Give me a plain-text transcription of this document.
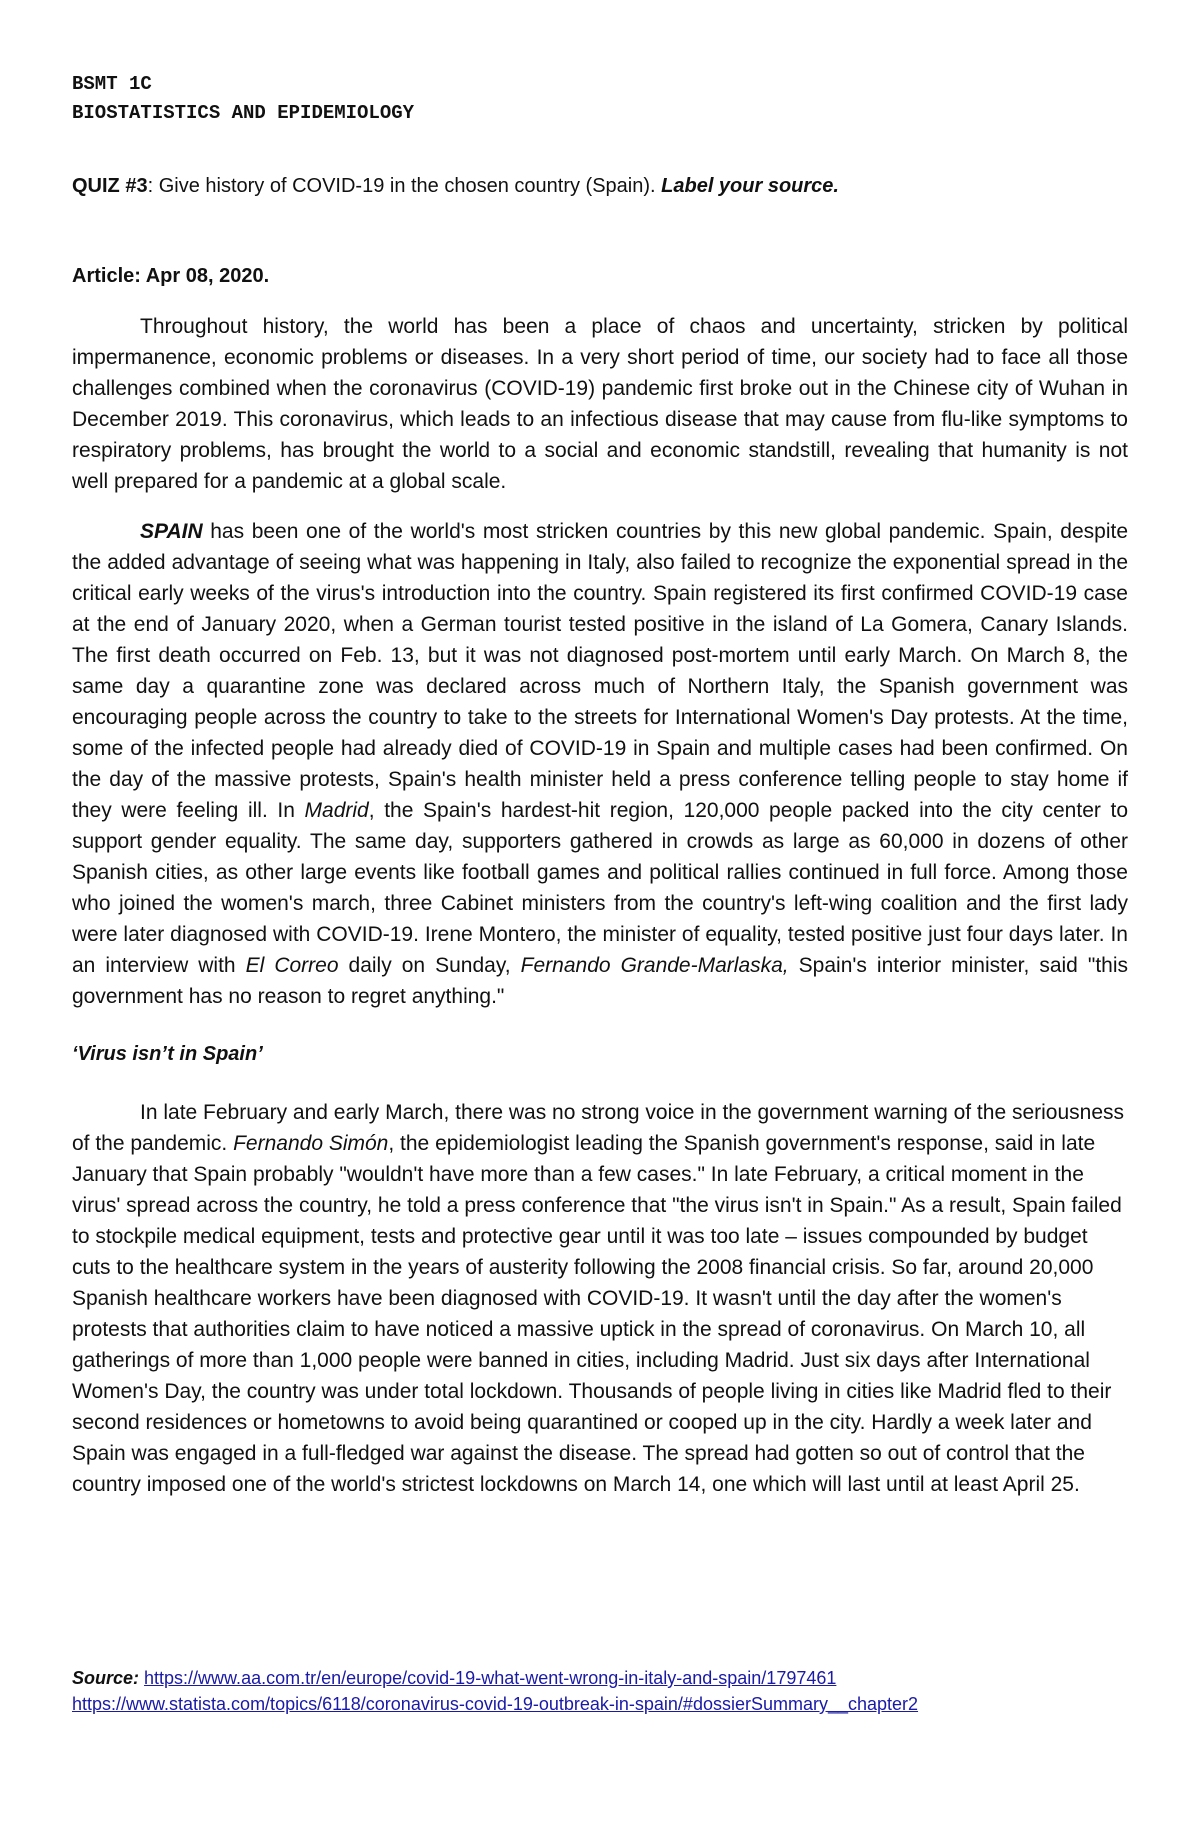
BSMT 1C
BIOSTATISTICS AND EPIDEMIOLOGY
QUIZ #3: Give history of COVID-19 in the chosen country (Spain). Label your source.
Article: Apr 08, 2020.

Throughout history, the world has been a place of chaos and uncertainty, stricken by political impermanence, economic problems or diseases. In a very short period of time, our society had to face all those challenges combined when the coronavirus (COVID-19) pandemic first broke out in the Chinese city of Wuhan in December 2019. This coronavirus, which leads to an infectious disease that may cause from flu-like symptoms to respiratory problems, has brought the world to a social and economic standstill, revealing that humanity is not well prepared for a pandemic at a global scale.

SPAIN has been one of the world's most stricken countries by this new global pandemic. Spain, despite the added advantage of seeing what was happening in Italy, also failed to recognize the exponential spread in the critical early weeks of the virus's introduction into the country. Spain registered its first confirmed COVID-19 case at the end of January 2020, when a German tourist tested positive in the island of La Gomera, Canary Islands. The first death occurred on Feb. 13, but it was not diagnosed post-mortem until early March. On March 8, the same day a quarantine zone was declared across much of Northern Italy, the Spanish government was encouraging people across the country to take to the streets for International Women's Day protests. At the time, some of the infected people had already died of COVID-19 in Spain and multiple cases had been confirmed. On the day of the massive protests, Spain's health minister held a press conference telling people to stay home if they were feeling ill. In Madrid, the Spain's hardest-hit region, 120,000 people packed into the city center to support gender equality. The same day, supporters gathered in crowds as large as 60,000 in dozens of other Spanish cities, as other large events like football games and political rallies continued in full force. Among those who joined the women's march, three Cabinet ministers from the country's left-wing coalition and the first lady were later diagnosed with COVID-19. Irene Montero, the minister of equality, tested positive just four days later. In an interview with El Correo daily on Sunday, Fernando Grande-Marlaska, Spain's interior minister, said "this government has no reason to regret anything."

‘Virus isn’t in Spain’

In late February and early March, there was no strong voice in the government warning of the seriousness of the pandemic. Fernando Simón, the epidemiologist leading the Spanish government's response, said in late January that Spain probably "wouldn't have more than a few cases." In late February, a critical moment in the virus' spread across the country, he told a press conference that "the virus isn't in Spain." As a result, Spain failed to stockpile medical equipment, tests and protective gear until it was too late – issues compounded by budget cuts to the healthcare system in the years of austerity following the 2008 financial crisis. So far, around 20,000 Spanish healthcare workers have been diagnosed with COVID-19. It wasn't until the day after the women's protests that authorities claim to have noticed a massive uptick in the spread of coronavirus. On March 10, all gatherings of more than 1,000 people were banned in cities, including Madrid. Just six days after International Women's Day, the country was under total lockdown. Thousands of people living in cities like Madrid fled to their second residences or hometowns to avoid being quarantined or cooped up in the city. Hardly a week later and Spain was engaged in a full-fledged war against the disease. The spread had gotten so out of control that the country imposed one of the world's strictest lockdowns on March 14, one which will last until at least April 25.

Source: https://www.aa.com.tr/en/europe/covid-19-what-went-wrong-in-italy-and-spain/1797461
https://www.statista.com/topics/6118/coronavirus-covid-19-outbreak-in-spain/#dossierSummary__chapter2
